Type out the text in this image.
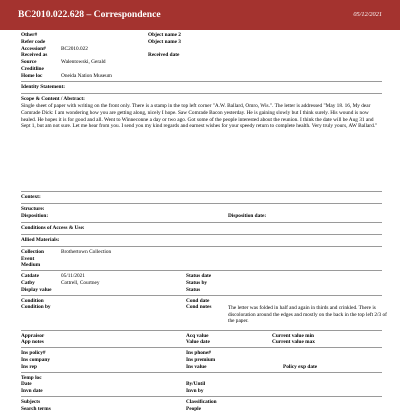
BC2010.022.628 – Correspondence	05/12/2021
Other#	Object name 2
Refer code	Object name 3
Accession#	BC2010.022
Received as	Received date
Source	Walentowski, Gerald
Creditline
Home loc	Oneida Nation Museum
Identity Statement:
Scope & Content / Abstract:
Single sheet of paper with writing on the front only. There is a stamp in the top left corner "A.W. Ballard, Omro, Wis.". The letter is addressed "May 18. 16, My dear Comrade Dick: I am wondering how you are getting along, nicely I hope. Saw Comrade Bacon yesterday. He is gaining slowly but I think surely. His wound is now healed. He hopes it is for good and all. Went to Winneconne a day or two ago. Got some of the people interested about the reunion. I think the date will be Aug 31 and Sept 1, but am not sure. Let me hear from you. I send you my kind regards and earnest wishes for your speedy return to complete health. Very truly yours, AW Ballard."
Context:
Structure:
Disposition:	Disposition date:
Conditions of Access & Use:
Allied Materials:
Collection	Brothertown Collection
Event
Medium
Catdate	05/11/2021	Status date
Catby	Cottrell, Courtney	Status by
Display value	Status
Condition	Cond date
Condition by	Cond notes	The letter was folded in half and again in thirds and crinkled. There is discoloration around the edges and mostly on the back in the top left 2/3 of the paper.
Appraisor	Acq value	Current value min
App notes	Value date	Current value max
Ins policy#	Ins phone#
Ins company	Ins premium
Ins rep	Ins value	Policy exp date
Temp loc
Date	By/Until
Invn date	Invn by
Subjects	Classification
Search terms	People
